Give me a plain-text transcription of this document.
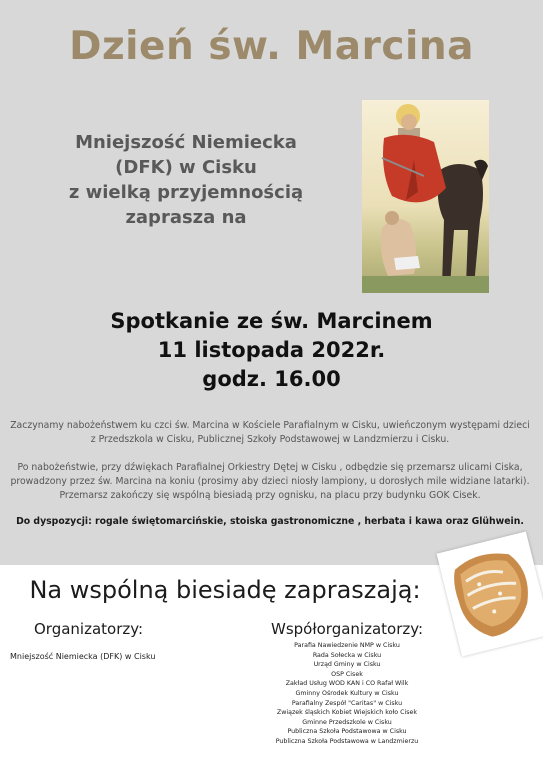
Dzień św. Marcina
Mniejszość Niemiecka
(DFK) w Cisku
z wielką przyjemnością
zaprasza na
Spotkanie ze św. Marcinem
11 listopada 2022r.
godz. 16.00
Zaczynamy nabożeństwem ku czci św. Marcina w Kościele Parafialnym w Cisku, uwieńczonym występami dzieci
z Przedszkola w Cisku, Publicznej Szkoły Podstawowej w Landzmierzu i Cisku.
Po nabożeństwie, przy dźwiękach Parafialnej Orkiestry Dętej w Cisku , odbędzie się przemarsz ulicami Ciska,
prowadzony przez św. Marcina na koniu (prosimy aby dzieci niosły lampiony, u dorosłych mile widziane latarki).
Przemarsz zakończy się wspólną biesiadą przy ognisku, na placu przy budynku GOK Cisek.
Do dyspozycji: rogale świętomarcińskie, stoiska gastronomiczne , herbata i kawa oraz Glühwein.
Na wspólną biesiadę zapraszają:
Organizatorzy:	Współorganizatorzy:
Mniejszość Niemiecka (DFK) w Cisku
Parafia Nawiedzenie NMP w Cisku
Rada Sołecka w Cisku
Urząd Gminy w Cisku
OSP Cisek
Zakład Usług WOD KAN i CO Rafał Wilk
Gminny Ośrodek Kultury w Cisku
Parafialny Zespół "Caritas" w Cisku
Związek śląskich Kobiet Wiejskich koło Cisek
Gminne Przedszkole w Cisku
Publiczna Szkoła Podstawowa w Cisku
Publiczna Szkoła Podstawowa w Landzmierzu
